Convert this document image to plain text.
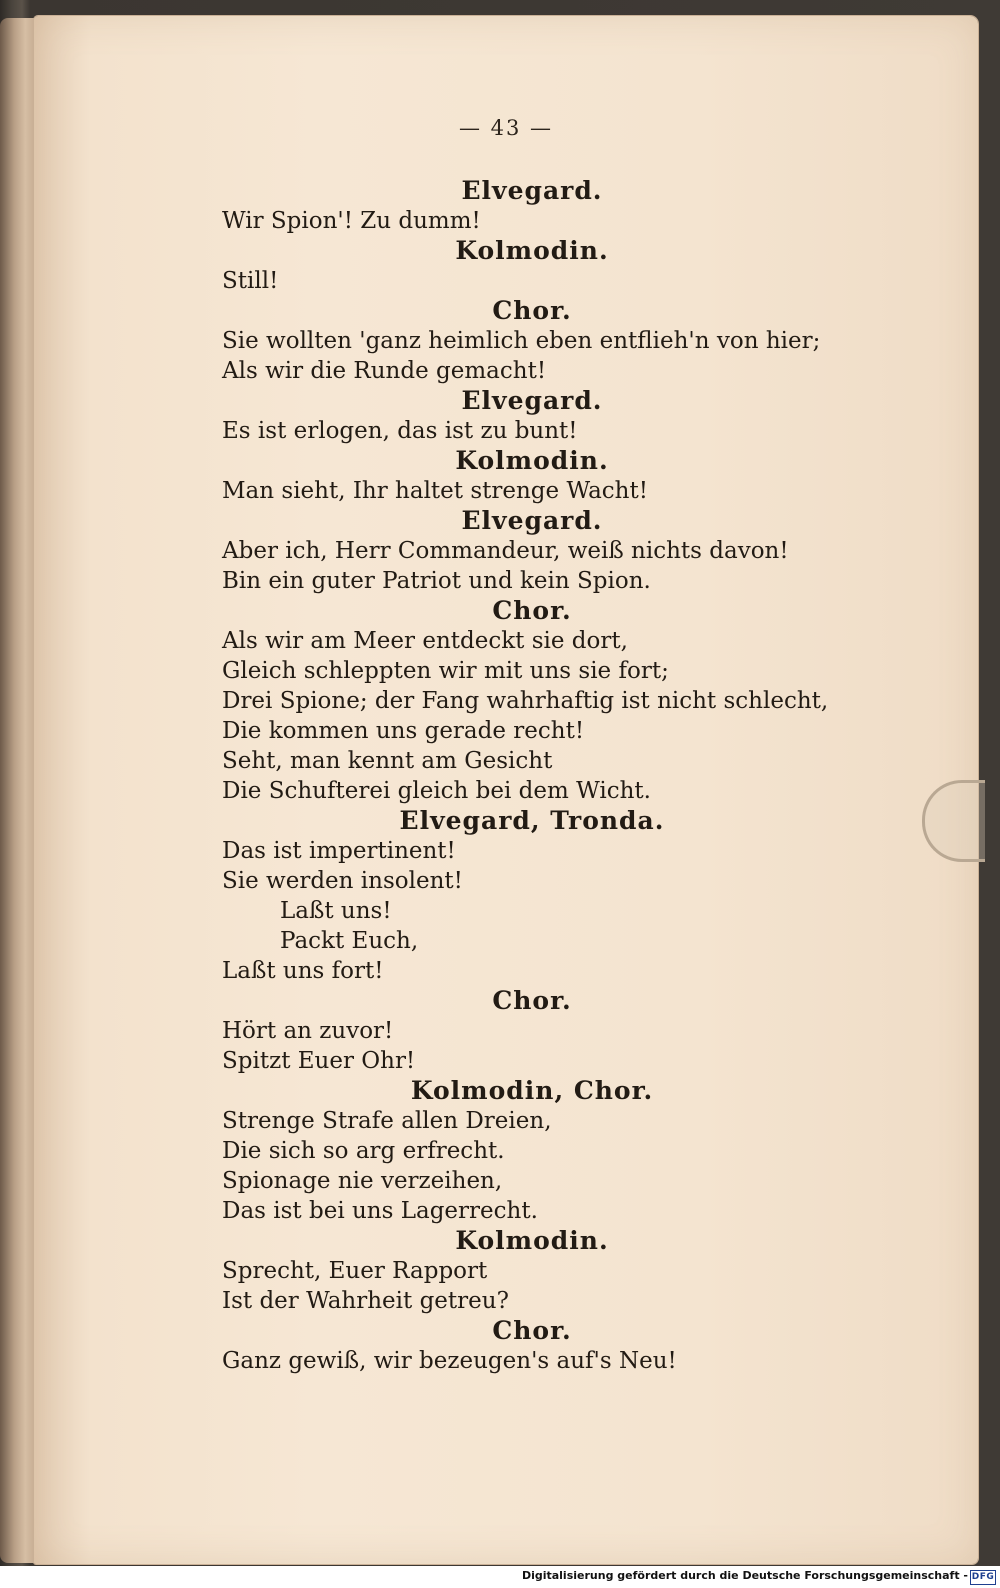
— 43 —
Elvegard.
Wir Spion'! Zu dumm!
Kolmodin.
Still!
Chor.
Sie wollten 'ganz heimlich eben entflieh'n von hier;
Als wir die Runde gemacht!
Elvegard.
Es ist erlogen, das ist zu bunt!
Kolmodin.
Man sieht, Ihr haltet strenge Wacht!
Elvegard.
Aber ich, Herr Commandeur, weiß nichts davon!
Bin ein guter Patriot und kein Spion.
Chor.
Als wir am Meer entdeckt sie dort,
Gleich schleppten wir mit uns sie fort;
Drei Spione; der Fang wahrhaftig ist nicht schlecht,
Die kommen uns gerade recht!
Seht, man kennt am Gesicht
Die Schufterei gleich bei dem Wicht.
Elvegard, Tronda.
Das ist impertinent!
Sie werden insolent!
Laßt uns!
Packt Euch,
Laßt uns fort!
Chor.
Hört an zuvor!
Spitzt Euer Ohr!
Kolmodin, Chor.
Strenge Strafe allen Dreien,
Die sich so arg erfrecht.
Spionage nie verzeihen,
Das ist bei uns Lagerrecht.
Kolmodin.
Sprecht, Euer Rapport
Ist der Wahrheit getreu?
Chor.
Ganz gewiß, wir bezeugen's auf's Neu!
Digitalisierung gefördert durch die Deutsche Forschungsgemeinschaft - DFG
